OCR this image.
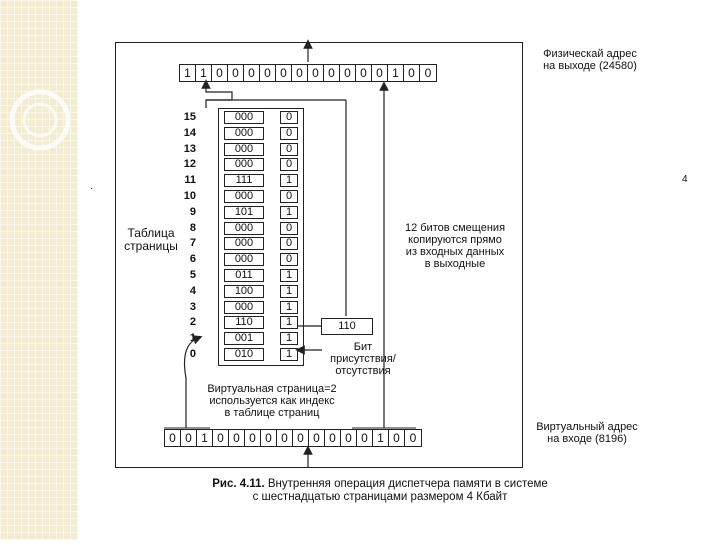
1 1 0 0 0 0 0 0 0 0 0 0 0 1 0 0
0 0 1 0 0 0 0 0 0 0 0 0 0 1 0 0
15	000	0
14	000	0
13	000	0
12	000	0
11	111	1
10	000	0
9	101	1
8	000	0
7	000	0
6	000	0
5	011	1
4	100	1
3	000	1
2	110	1
1	001	1
0	010	1
110
Физическай адрес
на выходе (24580)
Виртуальный адрес
на входе (8196)
Таблица
страницы
12 битов смещения
копируются прямо
из входных данных
в выходные
Бит
присутствия/
отсутствия
Виртуальная страница=2
используется как индекс
в таблице страниц
Рис. 4.11. Внутренняя операция диспетчера памяти в системе
с шестнадцатью страницами размером 4 Кбайт
4
·
